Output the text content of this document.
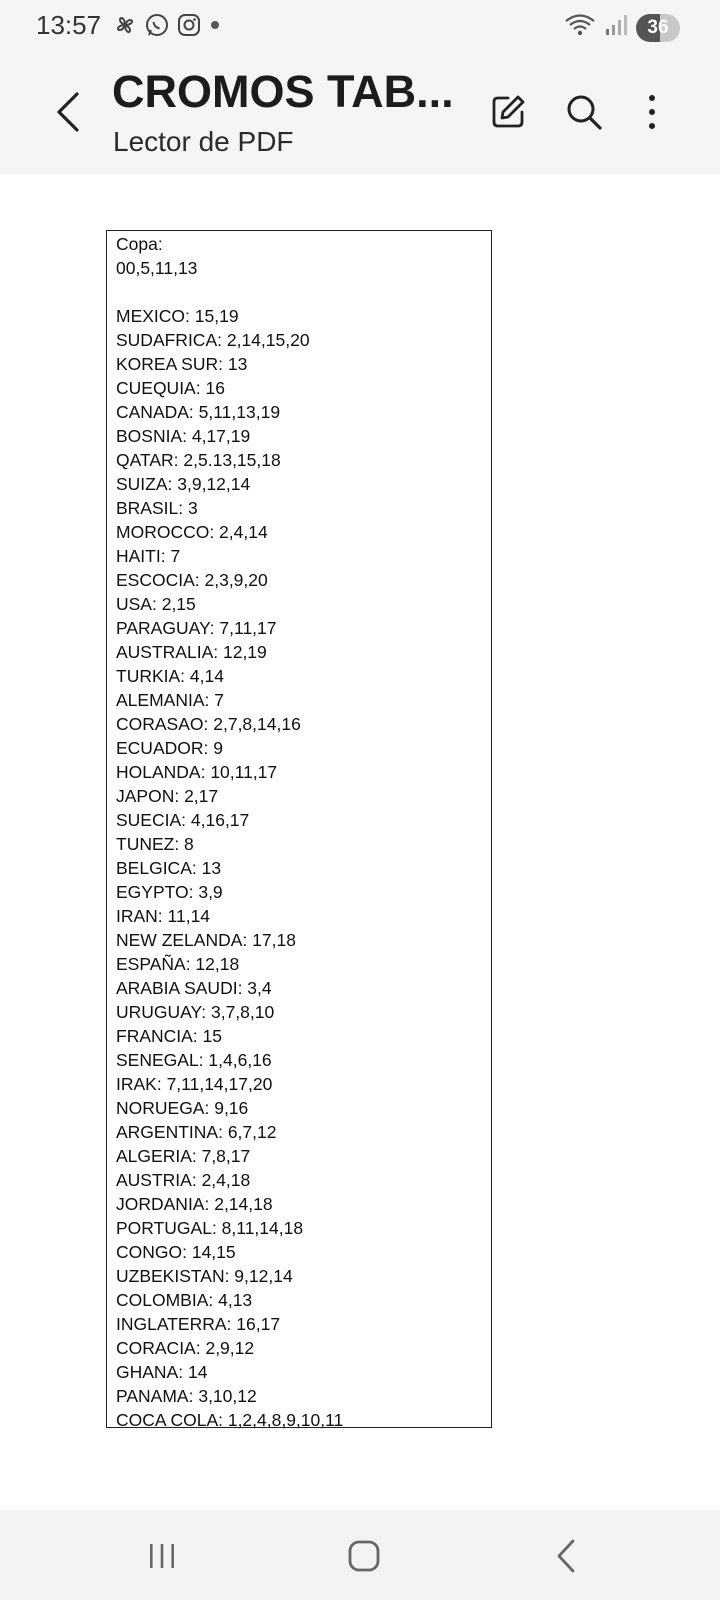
13:57	36
CROMOS TAB...
Lector de PDF
Copa:
00,5,11,13
MEXICO: 15,19
SUDAFRICA: 2,14,15,20
KOREA SUR: 13
CUEQUIA: 16
CANADA: 5,11,13,19
BOSNIA: 4,17,19
QATAR: 2,5.13,15,18
SUIZA: 3,9,12,14
BRASIL: 3
MOROCCO: 2,4,14
HAITI: 7
ESCOCIA: 2,3,9,20
USA: 2,15
PARAGUAY: 7,11,17
AUSTRALIA: 12,19
TURKIA: 4,14
ALEMANIA: 7
CORASAO: 2,7,8,14,16
ECUADOR: 9
HOLANDA: 10,11,17
JAPON: 2,17
SUECIA: 4,16,17
TUNEZ: 8
BELGICA: 13
EGYPTO: 3,9
IRAN: 11,14
NEW ZELANDA: 17,18
ESPAÑA: 12,18
ARABIA SAUDI: 3,4
URUGUAY: 3,7,8,10
FRANCIA: 15
SENEGAL: 1,4,6,16
IRAK: 7,11,14,17,20
NORUEGA: 9,16
ARGENTINA: 6,7,12
ALGERIA: 7,8,17
AUSTRIA: 2,4,18
JORDANIA: 2,14,18
PORTUGAL: 8,11,14,18
CONGO: 14,15
UZBEKISTAN: 9,12,14
COLOMBIA: 4,13
INGLATERRA: 16,17
CORACIA: 2,9,12
GHANA: 14
PANAMA: 3,10,12
COCA COLA: 1,2,4,8,9,10,11
